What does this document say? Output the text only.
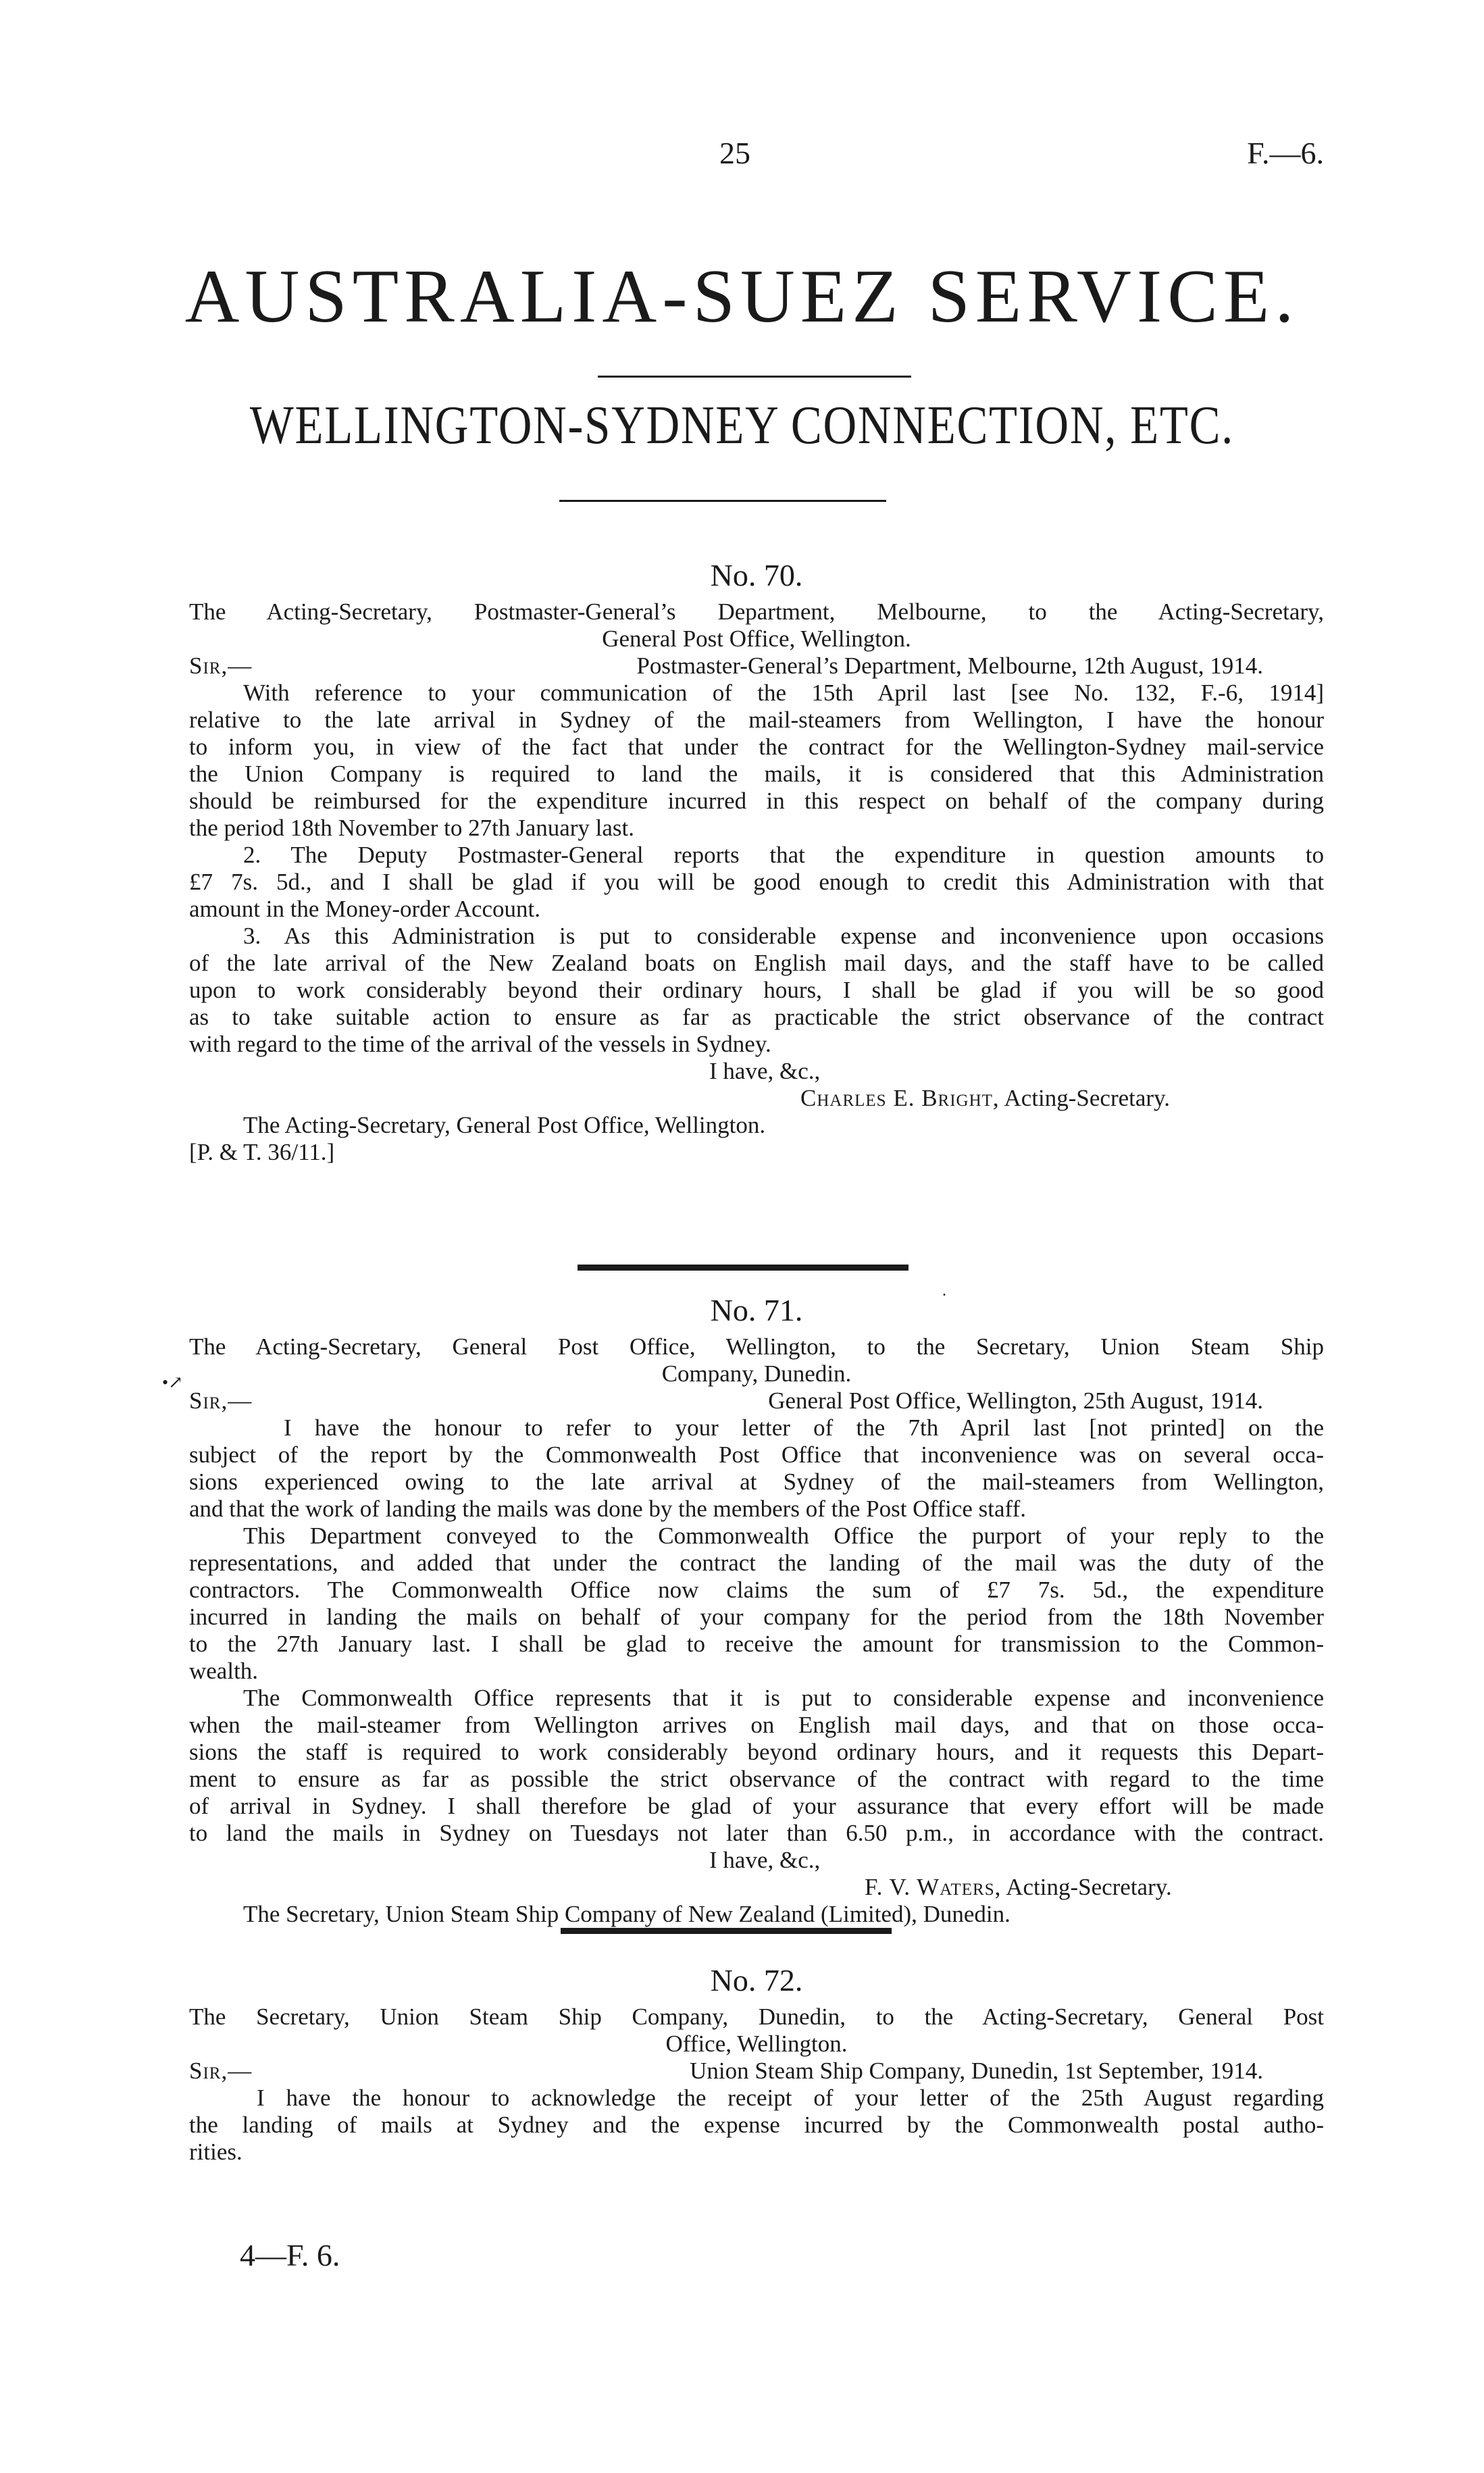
25	F.—6.
AUSTRALIA-SUEZ SERVICE.
WELLINGTON-SYDNEY CONNECTION, ETC.

No. 70.

The Acting-Secretary, Postmaster-General’s Department, Melbourne, to the Acting-Secretary,

General Post Office, Wellington.

Sir,—	Postmaster-General’s Department, Melbourne, 12th August, 1914.

With reference to your communication of the 15th April last [see No. 132, F.-6, 1914]

relative to the late arrival in Sydney of the mail-steamers from Wellington, I have the honour

to inform you, in view of the fact that under the contract for the Wellington-Sydney mail-service

the Union Company is required to land the mails, it is considered that this Administration

should be reimbursed for the expenditure incurred in this respect on behalf of the company during

the period 18th November to 27th January last.

2. The Deputy Postmaster-General reports that the expenditure in question amounts to

£7 7s. 5d., and I shall be glad if you will be good enough to credit this Administration with that

amount in the Money-order Account.

3. As this Administration is put to considerable expense and inconvenience upon occasions

of the late arrival of the New Zealand boats on English mail days, and the staff have to be called

upon to work considerably beyond their ordinary hours, I shall be glad if you will be so good

as to take suitable action to ensure as far as practicable the strict observance of the contract

with regard to the time of the arrival of the vessels in Sydney.

I have, &c.,

Charles E. Bright, Acting-Secretary.

The Acting-Secretary, General Post Office, Wellington.

[P. & T. 36/11.]

.

No. 71.

The Acting-Secretary, General Post Office, Wellington, to the Secretary, Union Steam Ship

Company, Dunedin.

Sir,—	General Post Office, Wellington, 25th August, 1914.

I have the honour to refer to your letter of the 7th April last [not printed] on the

subject of the report by the Commonwealth Post Office that inconvenience was on several occa-

sions experienced owing to the late arrival at Sydney of the mail-steamers from Wellington,

and that the work of landing the mails was done by the members of the Post Office staff.

This Department conveyed to the Commonwealth Office the purport of your reply to the

representations, and added that under the contract the landing of the mail was the duty of the

contractors. The Commonwealth Office now claims the sum of £7 7s. 5d., the expenditure

incurred in landing the mails on behalf of your company for the period from the 18th November

to the 27th January last. I shall be glad to receive the amount for transmission to the Common-

wealth.

The Commonwealth Office represents that it is put to considerable expense and inconvenience

when the mail-steamer from Wellington arrives on English mail days, and that on those occa-

sions the staff is required to work considerably beyond ordinary hours, and it requests this Depart-

ment to ensure as far as possible the strict observance of the contract with regard to the time

of arrival in Sydney. I shall therefore be glad of your assurance that every effort will be made

to land the mails in Sydney on Tuesdays not later than 6.50 p.m., in accordance with the contract.

I have, &c.,

F. V. Waters, Acting-Secretary.

The Secretary, Union Steam Ship Company of New Zealand (Limited), Dunedin.

•↗

No. 72.

The Secretary, Union Steam Ship Company, Dunedin, to the Acting-Secretary, General Post

Office, Wellington.

Sir,—	Union Steam Ship Company, Dunedin, 1st September, 1914.

I have the honour to acknowledge the receipt of your letter of the 25th August regarding

the landing of mails at Sydney and the expense incurred by the Commonwealth postal autho-

rities.

4—F. 6.
